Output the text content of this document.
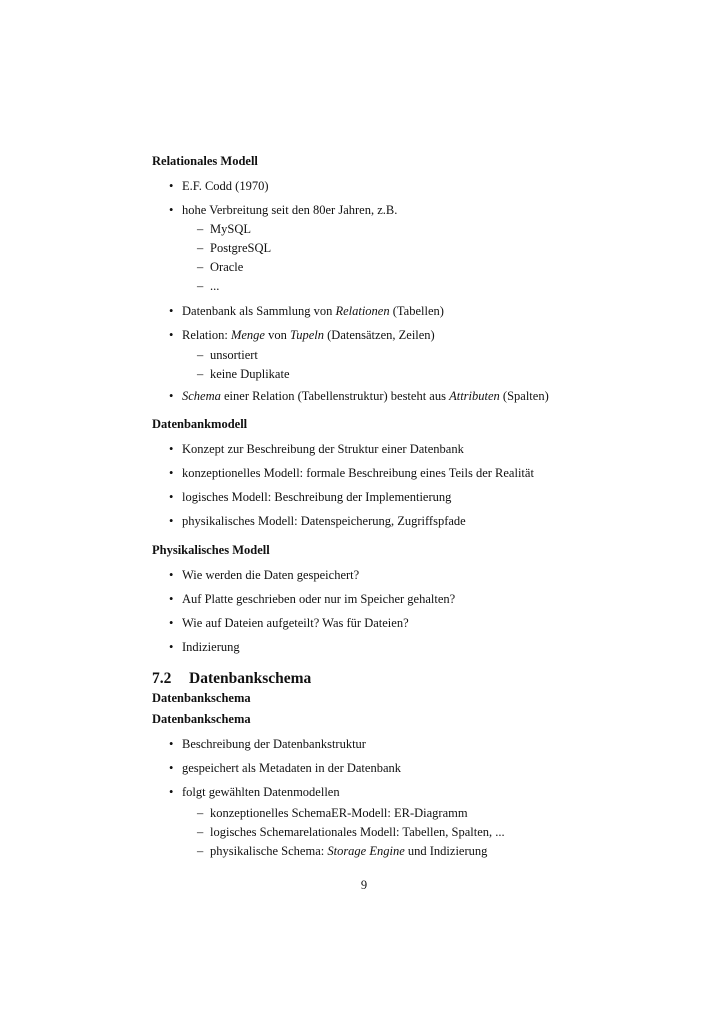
Relationales Modell

• E.F. Codd (1970)
• hohe Verbreitung seit den 80er Jahren, z.B.
– MySQL
– PostgreSQL
– Oracle
– ...
• Datenbank als Sammlung von Relationen (Tabellen)
• Relation: Menge von Tupeln (Datensätzen, Zeilen)
– unsortiert
– keine Duplikate
• Schema einer Relation (Tabellenstruktur) besteht aus Attributen (Spalten)

Datenbankmodell

• Konzept zur Beschreibung der Struktur einer Datenbank
• konzeptionelles Modell: formale Beschreibung eines Teils der Realität
• logisches Modell: Beschreibung der Implementierung
• physikalisches Modell: Datenspeicherung, Zugriffspfade

Physikalisches Modell

• Wie werden die Daten gespeichert?
• Auf Platte geschrieben oder nur im Speicher gehalten?
• Wie auf Dateien aufgeteilt? Was für Dateien?
• Indizierung

7.2 Datenbankschema

Datenbankschema

Datenbankschema

• Beschreibung der Datenbankstruktur
• gespeichert als Metadaten in der Datenbank
• folgt gewählten Datenmodellen
– konzeptionelles SchemaER-Modell: ER-Diagramm
– logisches Schemarelationales Modell: Tabellen, Spalten, ...
– physikalische Schema: Storage Engine und Indizierung
9
